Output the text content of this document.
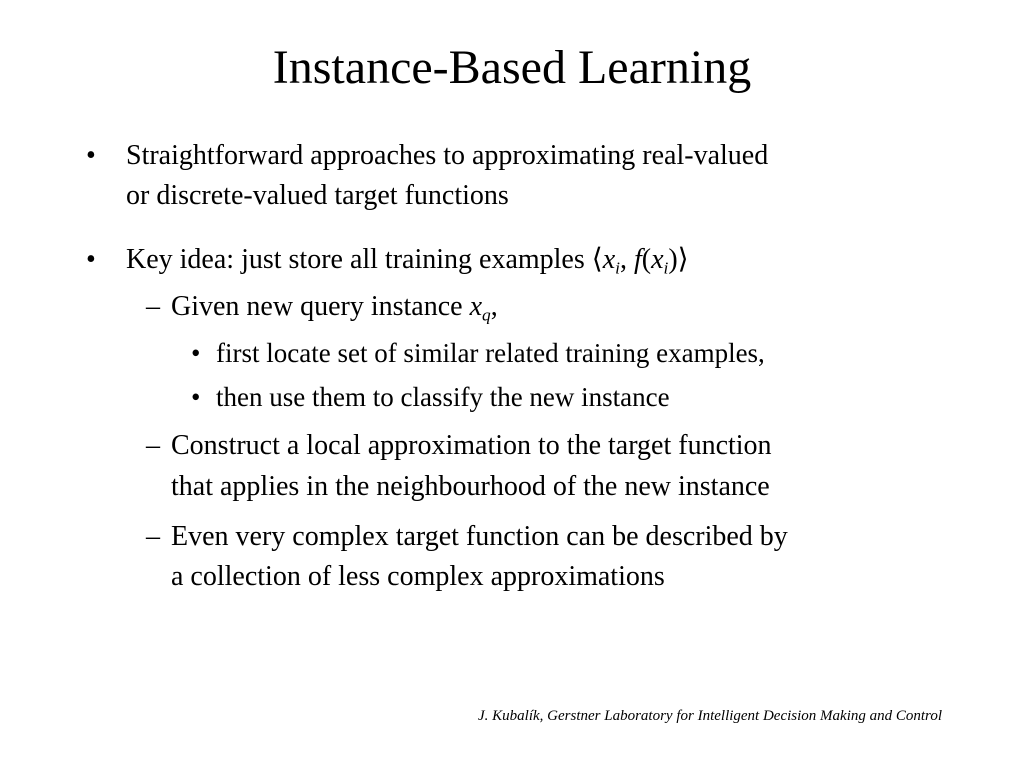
Instance-Based Learning
• Straightforward approaches to approximating real-valued
or discrete-valued target functions
• Key idea: just store all training examples $⟨x_i$, $f(x_i)⟩$
– Given new query instance $x_q$,
• first locate set of similar related training examples,
• then use them to classify the new instance
– Construct a local approximation to the target function
that applies in the neighbourhood of the new instance
– Even very complex target function can be described by
a collection of less complex approximations
J. Kubalík, Gerstner Laboratory for Intelligent Decision Making and Control
